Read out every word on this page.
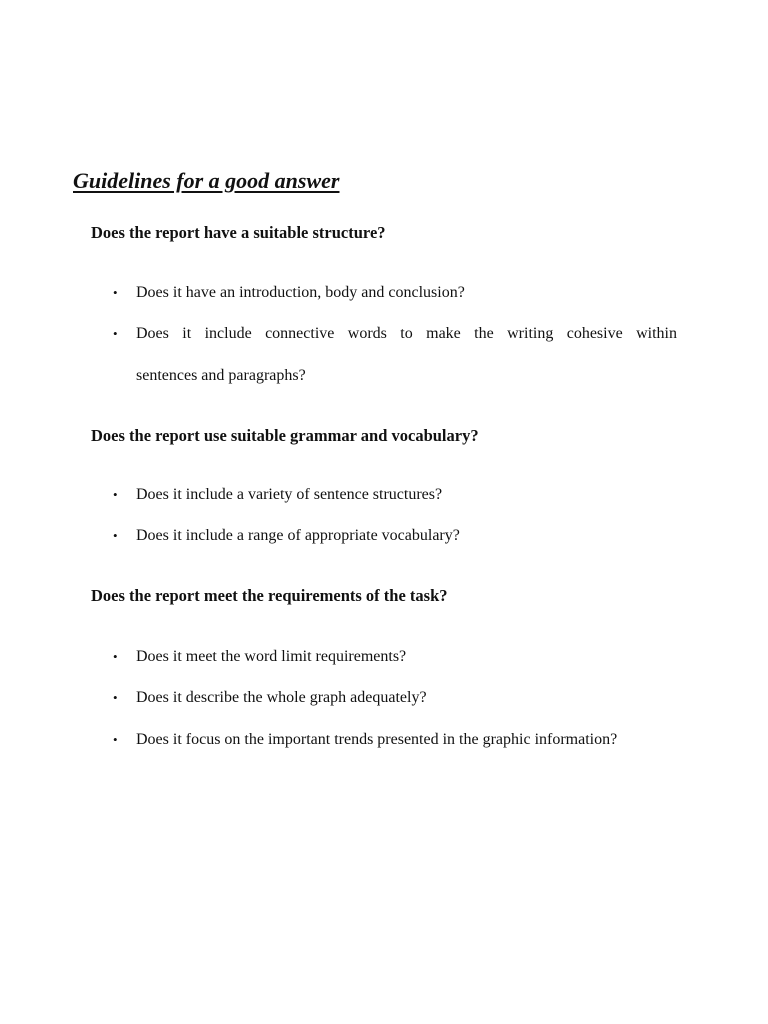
Guidelines for a good answer
Does the report have a suitable structure?
• Does it have an introduction, body and conclusion?
• Does it include connective words to make the writing cohesive within
sentences and paragraphs?
Does the report use suitable grammar and vocabulary?
• Does it include a variety of sentence structures?
• Does it include a range of appropriate vocabulary?
Does the report meet the requirements of the task?
• Does it meet the word limit requirements?
• Does it describe the whole graph adequately?
• Does it focus on the important trends presented in the graphic information?
